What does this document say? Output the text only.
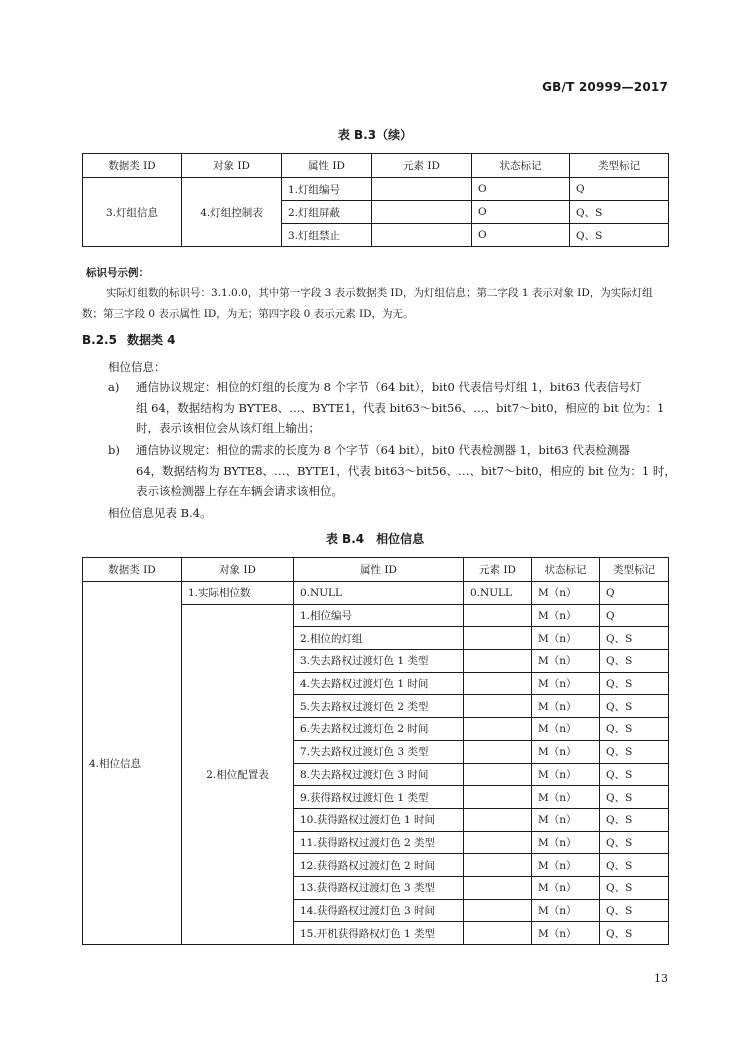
GB/T 20999—2017
表 B.3（续）
数据类 ID	对象 ID	属性 ID	元素 ID	状态标记	类型标记
3.灯组信息	4.灯组控制表	1.灯组编号		O	Q
		2.灯组屏蔽		O	Q、S
		3.灯组禁止		O	Q、S
标识号示例：
实际灯组数的标识号：3.1.0.0，其中第一字段 3 表示数据类 ID，为灯组信息；第二字段 1 表示对象 ID，为实际灯组
数；第三字段 0 表示属性 ID，为无；第四字段 0 表示元素 ID，为无。
B.2.5 数据类 4
相位信息：
a) 通信协议规定：相位的灯组的长度为 8 个字节（64 bit），bit0 代表信号灯组 1，bit63 代表信号灯
组 64，数据结构为 BYTE8、…、BYTE1，代表 bit63～bit56、…、bit7～bit0，相应的 bit 位为：1
时，表示该相位会从该灯组上输出；
b) 通信协议规定：相位的需求的长度为 8 个字节（64 bit），bit0 代表检测器 1，bit63 代表检测器
64，数据结构为 BYTE8、…、BYTE1，代表 bit63～bit56、…、bit7～bit0，相应的 bit 位为：1 时，
表示该检测器上存在车辆会请求该相位。
相位信息见表 B.4。
表 B.4　相位信息
数据类 ID	对象 ID	属性 ID	元素 ID	状态标记	类型标记
4.相位信息	1.实际相位数	0.NULL	0.NULL	M（n）	Q
	2.相位配置表	1.相位编号		M（n）	Q
		2.相位的灯组		M（n）	Q、S
		3.失去路权过渡灯色 1 类型		M（n）	Q、S
		4.失去路权过渡灯色 1 时间		M（n）	Q、S
		5.失去路权过渡灯色 2 类型		M（n）	Q、S
		6.失去路权过渡灯色 2 时间		M（n）	Q、S
		7.失去路权过渡灯色 3 类型		M（n）	Q、S
		8.失去路权过渡灯色 3 时间		M（n）	Q、S
		9.获得路权过渡灯色 1 类型		M（n）	Q、S
		10.获得路权过渡灯色 1 时间		M（n）	Q、S
		11.获得路权过渡灯色 2 类型		M（n）	Q、S
		12.获得路权过渡灯色 2 时间		M（n）	Q、S
		13.获得路权过渡灯色 3 类型		M（n）	Q、S
		14.获得路权过渡灯色 3 时间		M（n）	Q、S
		15.开机获得路权灯色 1 类型		M（n）	Q、S
13
